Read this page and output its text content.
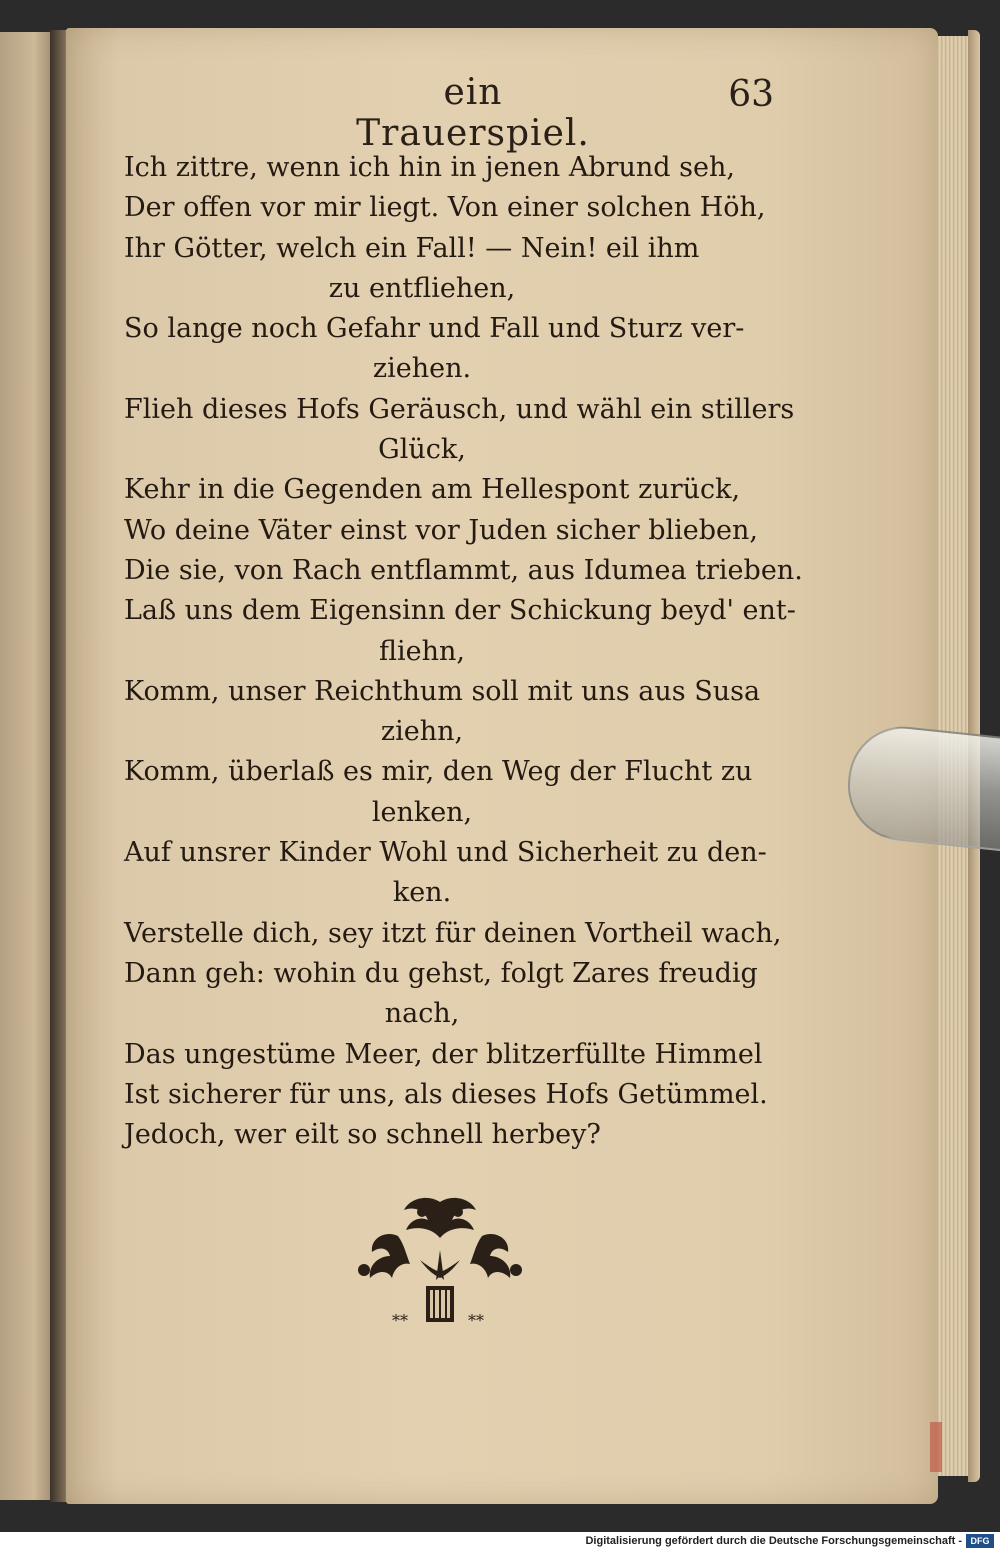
ein Trauerspiel.
63
Ich zittre, wenn ich hin in jenen Abrund seh,
Der offen vor mir liegt. Von einer solchen Höh,
Ihr Götter, welch ein Fall! — Nein! eil ihm
zu entfliehen,
So lange noch Gefahr und Fall und Sturz ver-
ziehen.
Flieh dieses Hofs Geräusch, und wähl ein stillers
Glück,
Kehr in die Gegenden am Hellespont zurück,
Wo deine Väter einst vor Juden sicher blieben,
Die sie, von Rach entflammt, aus Idumea trieben.
Laß uns dem Eigensinn der Schickung beyd' ent-
fliehn,
Komm, unser Reichthum soll mit uns aus Susa
ziehn,
Komm, überlaß es mir, den Weg der Flucht zu
lenken,
Auf unsrer Kinder Wohl und Sicherheit zu den-
ken.
Verstelle dich, sey itzt für deinen Vortheil wach,
Dann geh: wohin du gehst, folgt Zares freudig
nach,
Das ungestüme Meer, der blitzerfüllte Himmel
Ist sicherer für uns, als dieses Hofs Getümmel.
Jedoch, wer eilt so schnell herbey?
**	**
Digitalisierung gefördert durch die Deutsche Forschungsgemeinschaft - DFG
